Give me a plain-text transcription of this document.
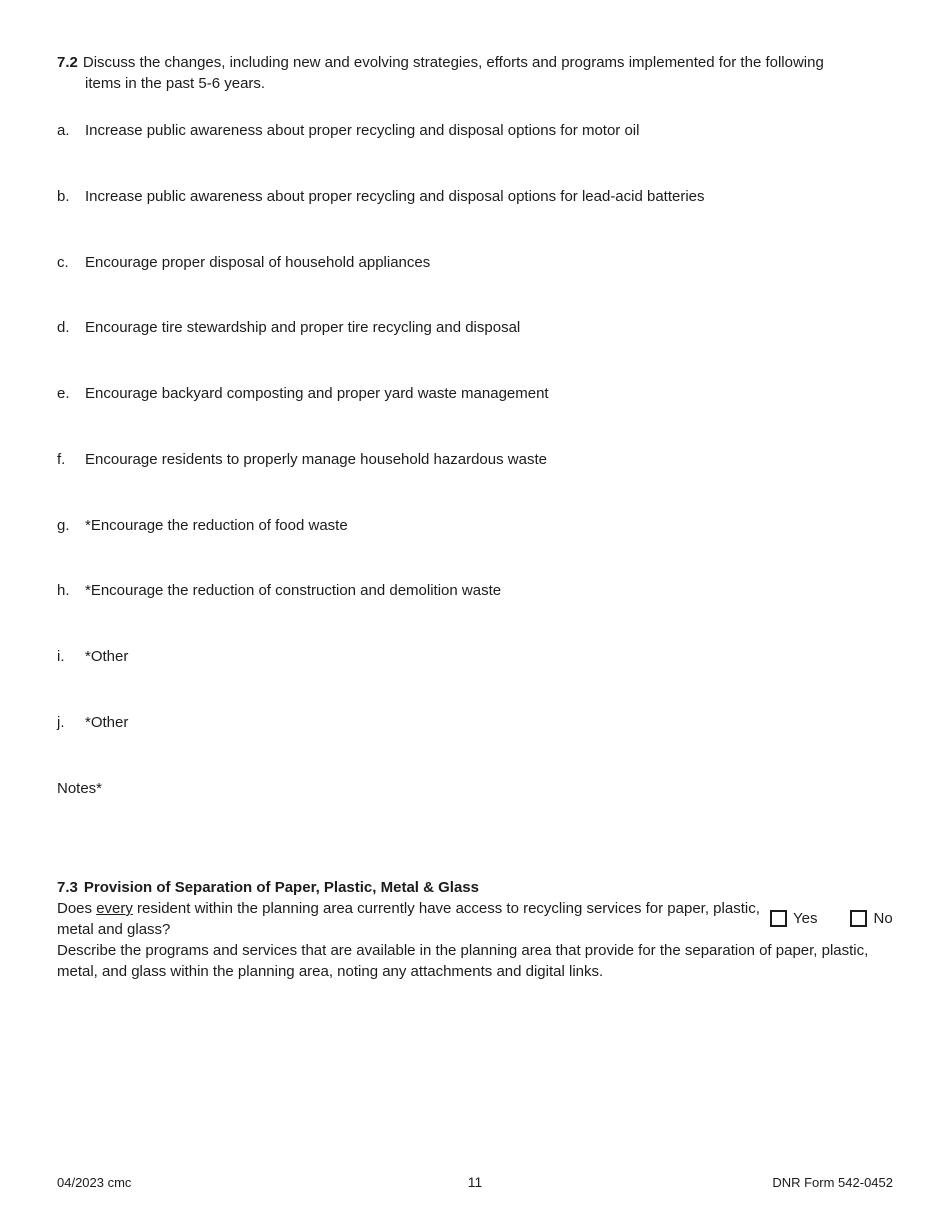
7.2 Discuss the changes, including new and evolving strategies, efforts and programs implemented for the following items in the past 5-6 years.
a.	Increase public awareness about proper recycling and disposal options for motor oil
b.	Increase public awareness about proper recycling and disposal options for lead-acid batteries
c.	Encourage proper disposal of household appliances
d.	Encourage tire stewardship and proper tire recycling and disposal
e.	Encourage backyard composting and proper yard waste management
f.	Encourage residents to properly manage household hazardous waste
g.	*Encourage the reduction of food waste
h.	*Encourage the reduction of construction and demolition waste
i.	*Other
j.	*Other
Notes*
7.3 Provision of Separation of Paper, Plastic, Metal & Glass
Does every resident within the planning area currently have access to recycling services for paper, plastic, metal and glass?
Describe the programs and services that are available in the planning area that provide for the separation of paper, plastic, metal, and glass within the planning area, noting any attachments and digital links.
Yes	No
04/2023 cmc	11	DNR Form 542-0452
